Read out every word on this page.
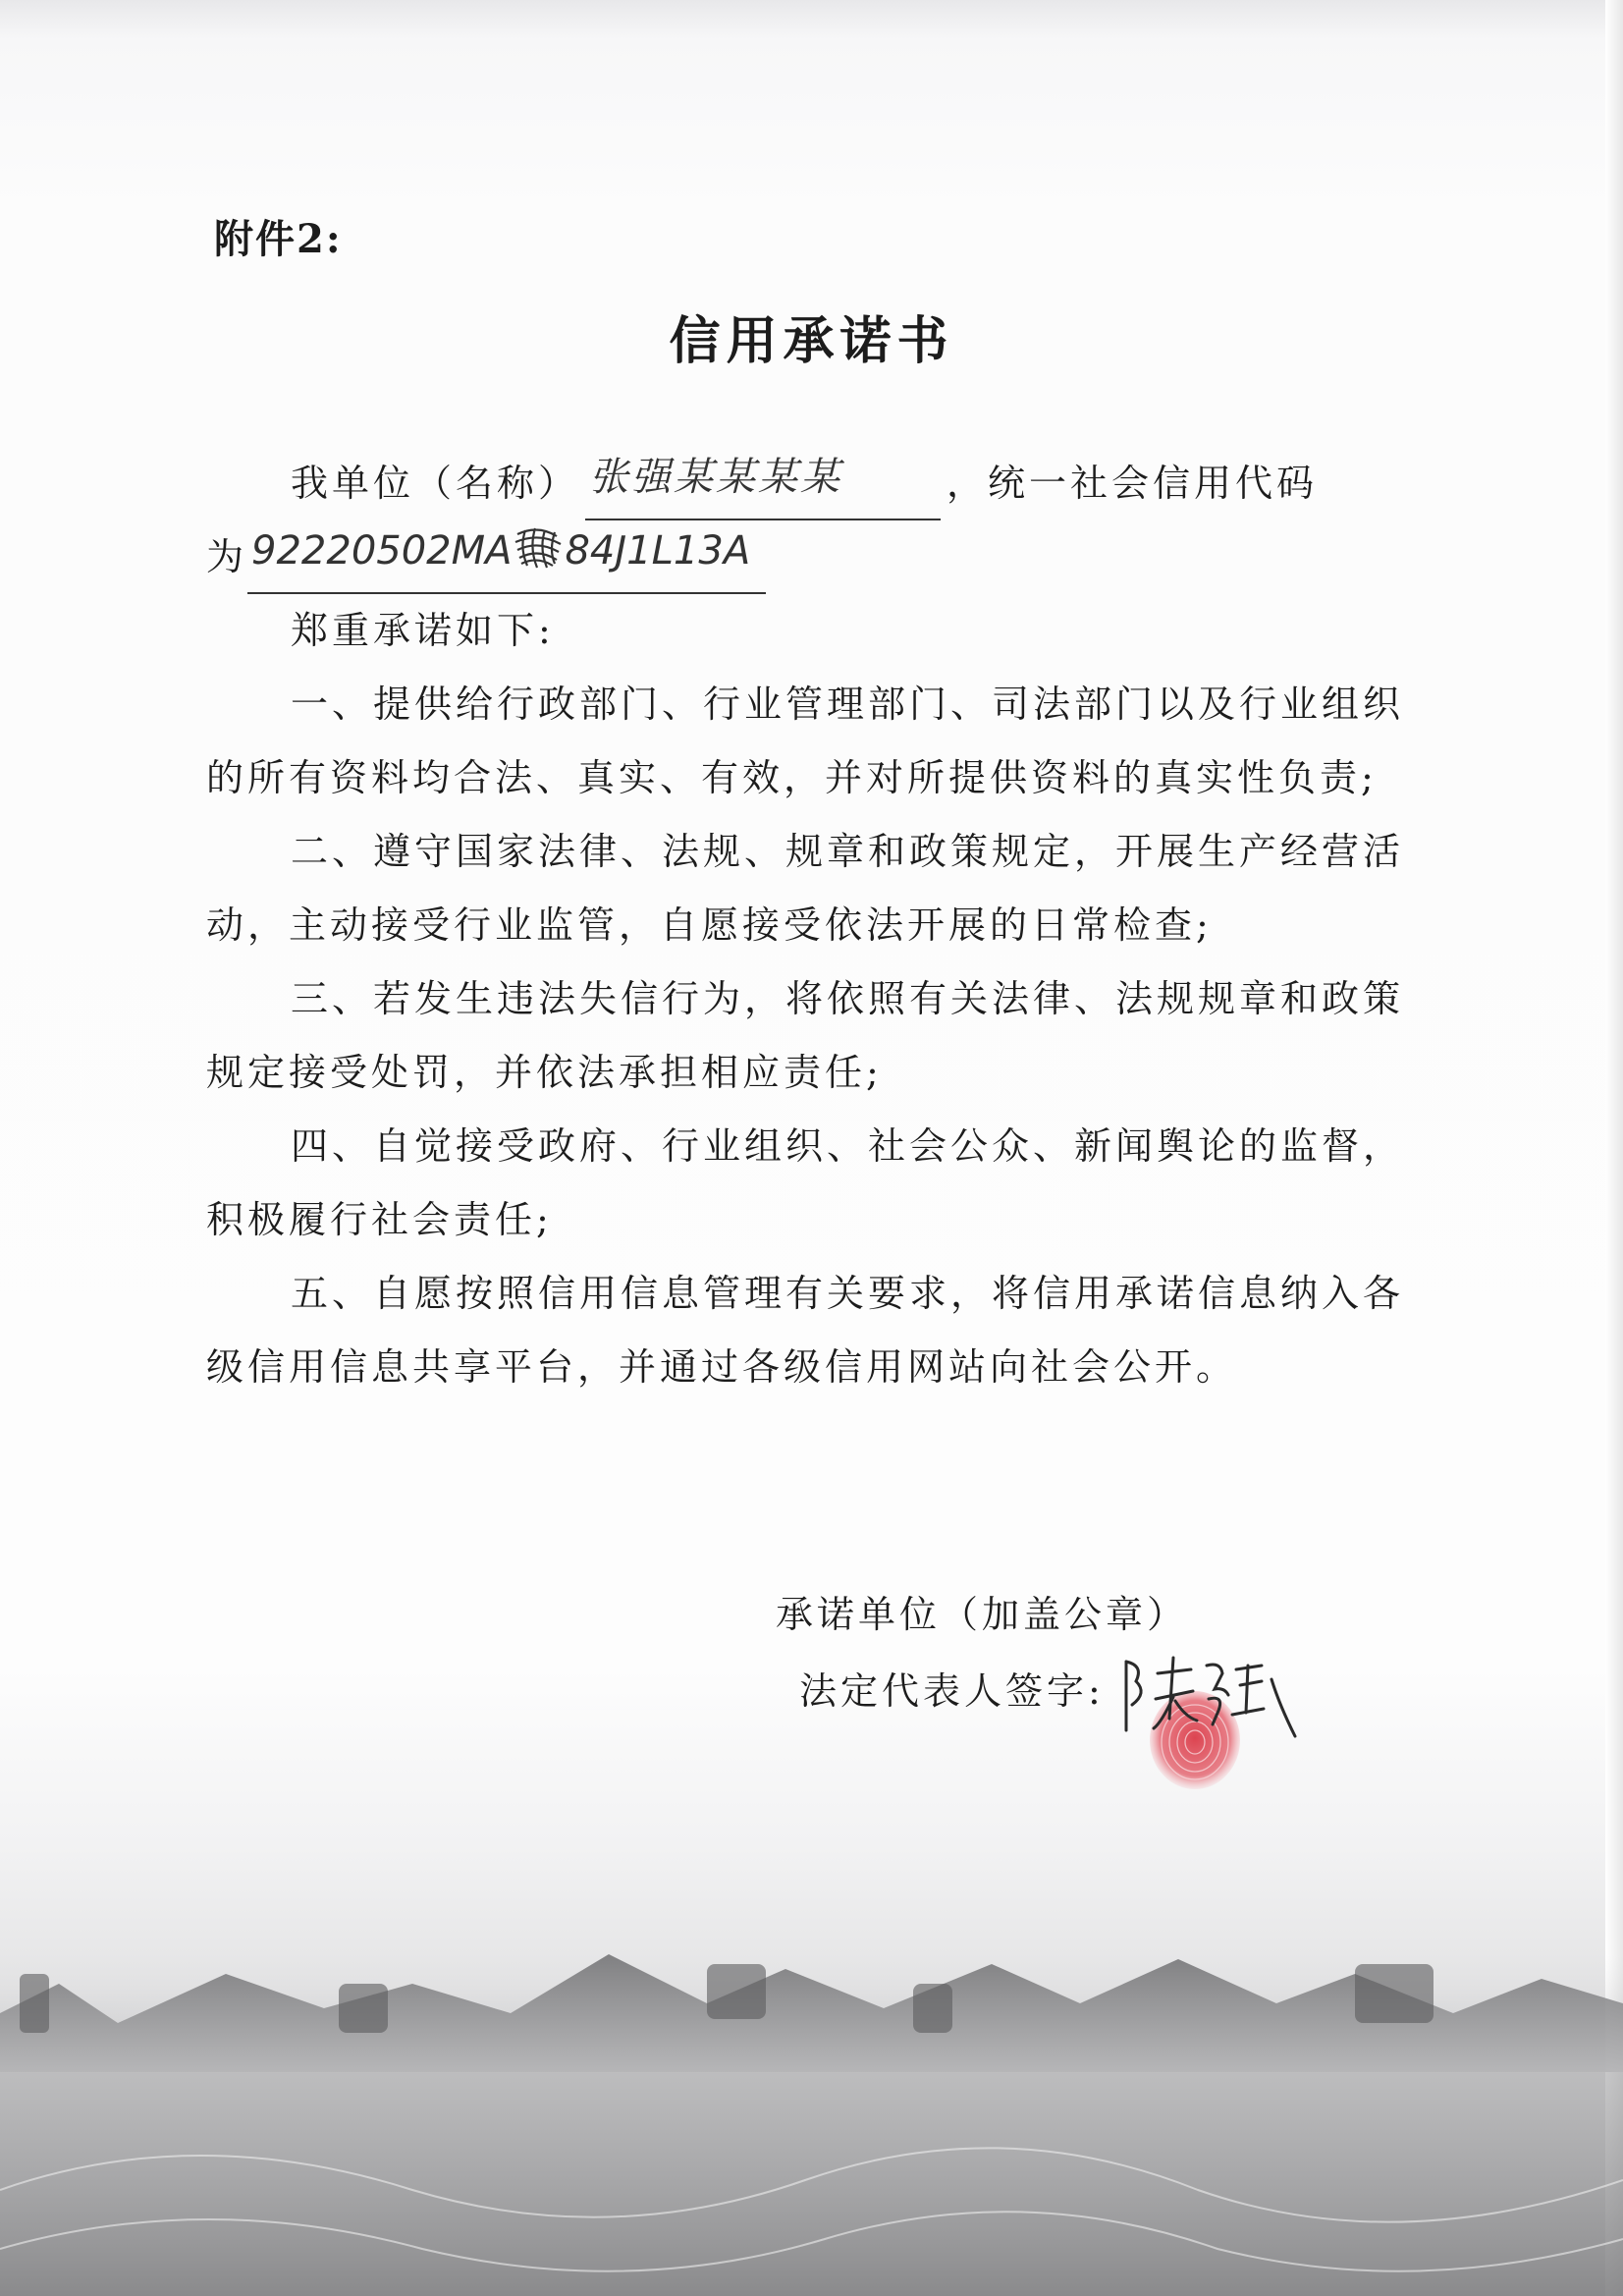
附件2:
信用承诺书
我单位（名称） 张强某某某某	，统一社会信用代码
为 92220502MA 84J1L13A
郑重承诺如下:
一、提供给行政部门、行业管理部门、司法部门以及行业组织
的所有资料均合法、真实、有效，并对所提供资料的真实性负责;
二、遵守国家法律、法规、规章和政策规定，开展生产经营活
动，主动接受行业监管，自愿接受依法开展的日常检查;
三、若发生违法失信行为，将依照有关法律、法规规章和政策
规定接受处罚，并依法承担相应责任;
四、自觉接受政府、行业组织、社会公众、新闻舆论的监督，
积极履行社会责任;
五、自愿按照信用信息管理有关要求，将信用承诺信息纳入各
级信用信息共享平台，并通过各级信用网站向社会公开。
承诺单位（加盖公章）
法定代表人签字:
